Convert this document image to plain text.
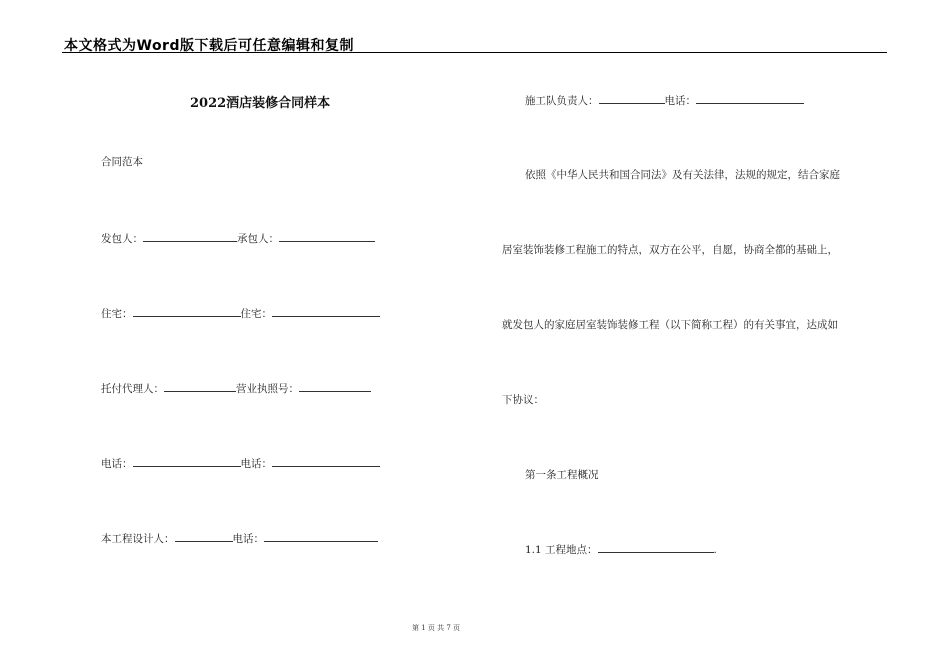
本文格式为Word版下载后可任意编辑和复制
2022酒店装修合同样本
合同范本
发包人：	承包人：
住宅：	住宅：
托付代理人：	营业执照号：
电话：	电话：
本工程设计人：	电话：
施工队负责人：	电话：
依照《中华人民共和国合同法》及有关法律，法规的规定，结合家庭
居室装饰装修工程施工的特点，双方在公平，自愿，协商全都的基础上，
就发包人的家庭居室装饰装修工程（以下简称工程）的有关事宜，达成如
下协议：
第一条工程概况
1.1 工程地点：	.
第 1 页 共 7 页
